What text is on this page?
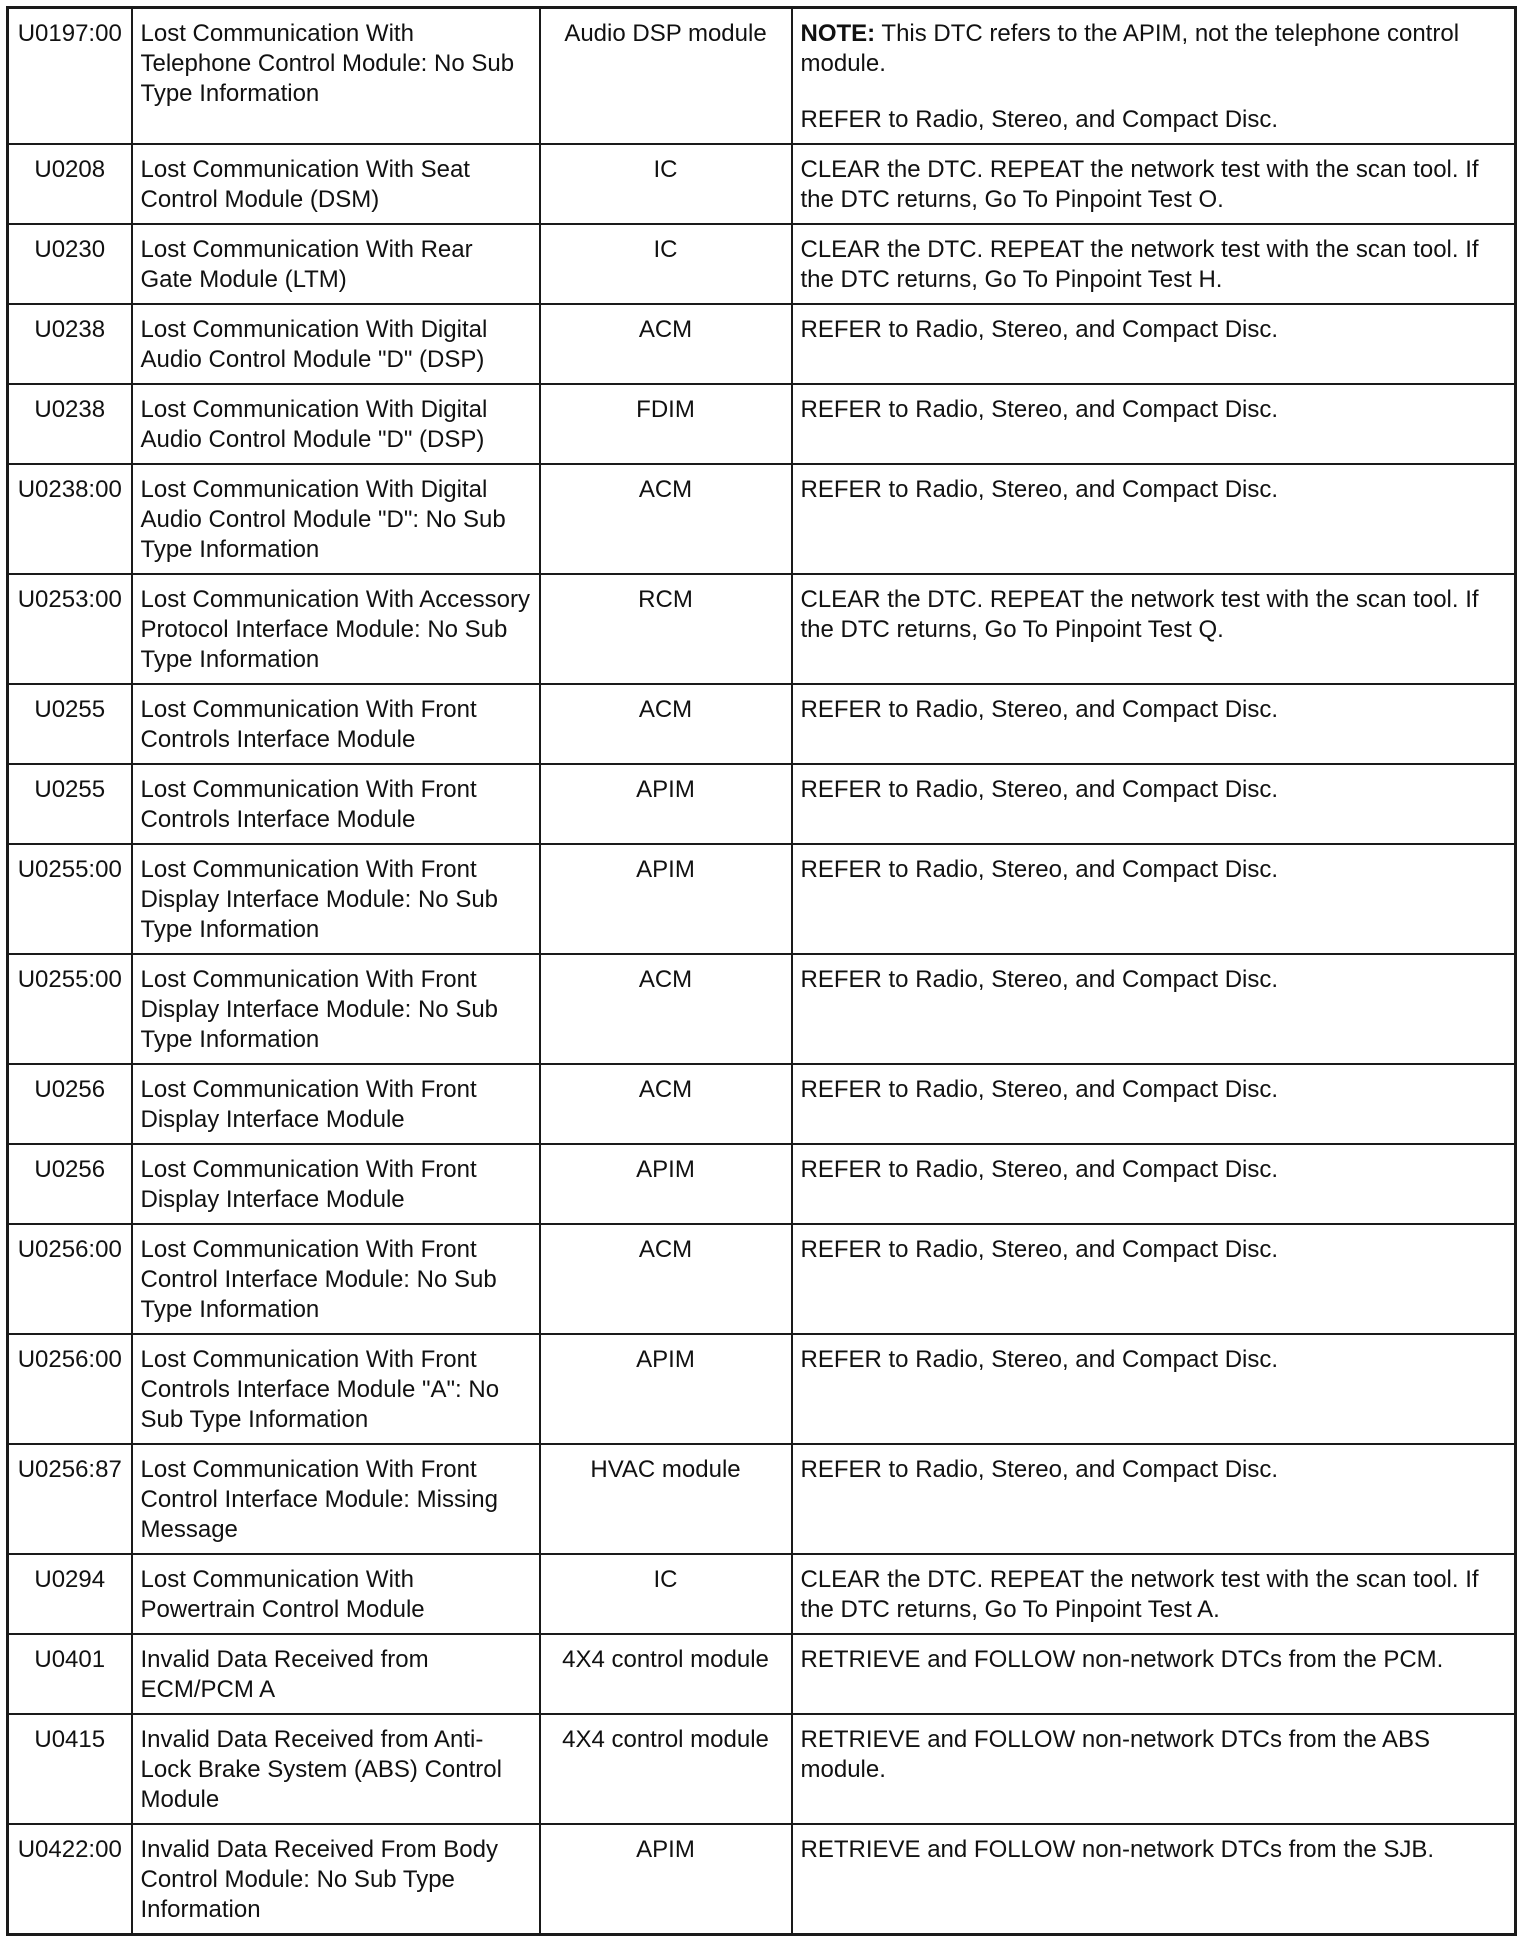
U0197:00	Lost Communication With Telephone Control Module: No Sub Type Information	Audio DSP module	NOTE: This DTC refers to the APIM, not the telephone control module.
REFER to Radio, Stereo, and Compact Disc.
U0208	Lost Communication With Seat Control Module (DSM)	IC	CLEAR the DTC. REPEAT the network test with the scan tool. If the DTC returns, Go To Pinpoint Test O.
U0230	Lost Communication With Rear Gate Module (LTM)	IC	CLEAR the DTC. REPEAT the network test with the scan tool. If the DTC returns, Go To Pinpoint Test H.
U0238	Lost Communication With Digital Audio Control Module "D" (DSP)	ACM	REFER to Radio, Stereo, and Compact Disc.
U0238	Lost Communication With Digital Audio Control Module "D" (DSP)	FDIM	REFER to Radio, Stereo, and Compact Disc.
U0238:00	Lost Communication With Digital Audio Control Module "D": No Sub Type Information	ACM	REFER to Radio, Stereo, and Compact Disc.
U0253:00	Lost Communication With Accessory Protocol Interface Module: No Sub Type Information	RCM	CLEAR the DTC. REPEAT the network test with the scan tool. If the DTC returns, Go To Pinpoint Test Q.
U0255	Lost Communication With Front Controls Interface Module	ACM	REFER to Radio, Stereo, and Compact Disc.
U0255	Lost Communication With Front Controls Interface Module	APIM	REFER to Radio, Stereo, and Compact Disc.
U0255:00	Lost Communication With Front Display Interface Module: No Sub Type Information	APIM	REFER to Radio, Stereo, and Compact Disc.
U0255:00	Lost Communication With Front Display Interface Module: No Sub Type Information	ACM	REFER to Radio, Stereo, and Compact Disc.
U0256	Lost Communication With Front Display Interface Module	ACM	REFER to Radio, Stereo, and Compact Disc.
U0256	Lost Communication With Front Display Interface Module	APIM	REFER to Radio, Stereo, and Compact Disc.
U0256:00	Lost Communication With Front Control Interface Module: No Sub Type Information	ACM	REFER to Radio, Stereo, and Compact Disc.
U0256:00	Lost Communication With Front Controls Interface Module "A": No Sub Type Information	APIM	REFER to Radio, Stereo, and Compact Disc.
U0256:87	Lost Communication With Front Control Interface Module: Missing Message	HVAC module	REFER to Radio, Stereo, and Compact Disc.
U0294	Lost Communication With Powertrain Control Module	IC	CLEAR the DTC. REPEAT the network test with the scan tool. If the DTC returns, Go To Pinpoint Test A.
U0401	Invalid Data Received from ECM/PCM A	4X4 control module	RETRIEVE and FOLLOW non-network DTCs from the PCM.
U0415	Invalid Data Received from Anti-Lock Brake System (ABS) Control Module	4X4 control module	RETRIEVE and FOLLOW non-network DTCs from the ABS module.
U0422:00	Invalid Data Received From Body Control Module: No Sub Type Information	APIM	RETRIEVE and FOLLOW non-network DTCs from the SJB.
